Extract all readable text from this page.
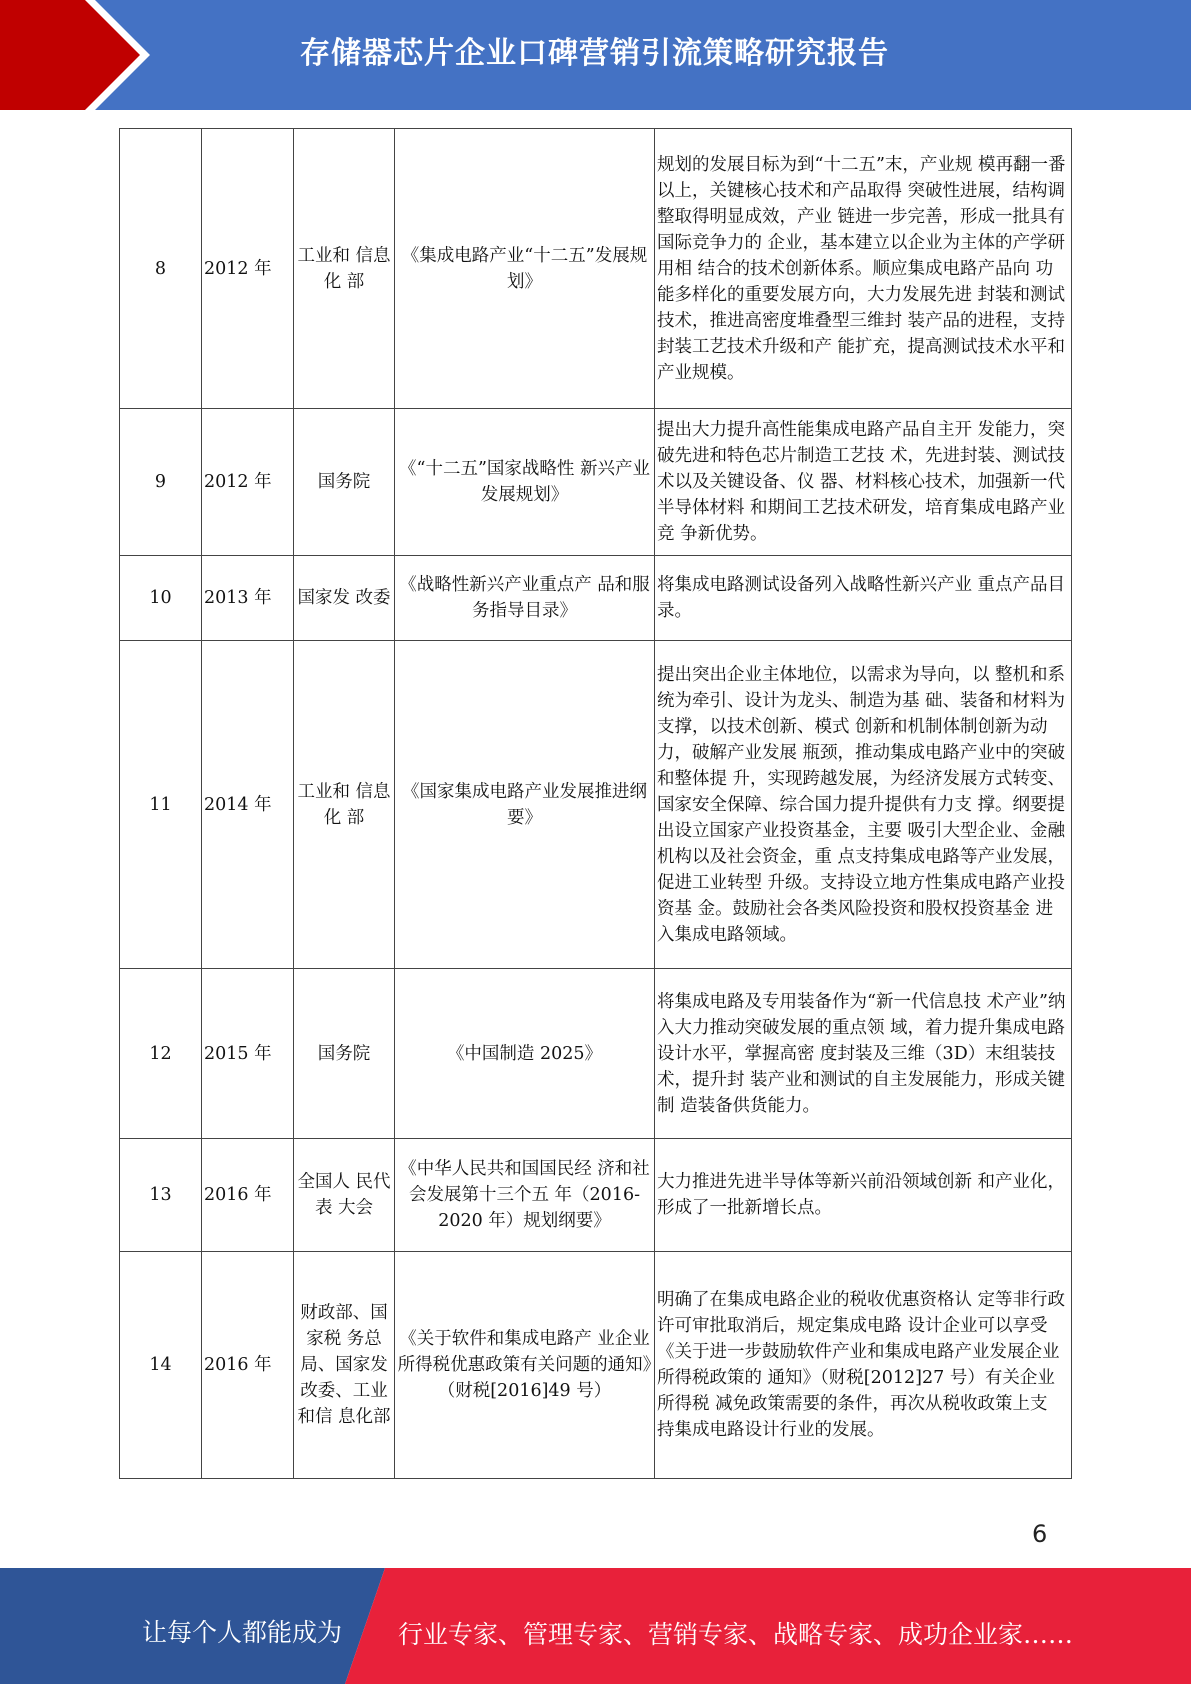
存储器芯片企业口碑营销引流策略研究报告
8	2012 年	工业和 信息化 部	《集成电路产业“十二五”发展规划》	规划的发展目标为到“十二五”末，产业规 模再翻一番以上，关键核心技术和产品取得 突破性进展，结构调整取得明显成效，产业 链进一步完善，形成一批具有国际竞争力的 企业，基本建立以企业为主体的产学研用相 结合的技术创新体系。顺应集成电路产品向 功能多样化的重要发展方向，大力发展先进 封装和测试技术，推进高密度堆叠型三维封 装产品的进程，支持封装工艺技术升级和产 能扩充，提高测试技术水平和产业规模。
9	2012 年	国务院	《“十二五”国家战略性 新兴产业发展规划》	提出大力提升高性能集成电路产品自主开 发能力，突破先进和特色芯片制造工艺技 术，先进封装、测试技术以及关键设备、仪 器、材料核心技术，加强新一代半导体材料 和期间工艺技术研发，培育集成电路产业竞 争新优势。
10	2013 年	国家发 改委	《战略性新兴产业重点产 品和服务指导目录》	将集成电路测试设备列入战略性新兴产业 重点产品目录。
11	2014 年	工业和 信息化 部	《国家集成电路产业发展推进纲要》	提出突出企业主体地位，以需求为导向，以 整机和系统为牵引、设计为龙头、制造为基 础、装备和材料为支撑，以技术创新、模式 创新和机制体制创新为动力，破解产业发展 瓶颈，推动集成电路产业中的突破和整体提 升，实现跨越发展，为经济发展方式转变、 国家安全保障、综合国力提升提供有力支 撑。纲要提出设立国家产业投资基金，主要 吸引大型企业、金融机构以及社会资金，重 点支持集成电路等产业发展，促进工业转型 升级。支持设立地方性集成电路产业投资基 金。鼓励社会各类风险投资和股权投资基金 进入集成电路领域。
12	2015 年	国务院	《中国制造 2025》	将集成电路及专用装备作为“新一代信息技 术产业”纳入大力推动突破发展的重点领 域，着力提升集成电路设计水平，掌握高密 度封装及三维（3D）末组装技术，提升封 装产业和测试的自主发展能力，形成关键制 造装备供货能力。
13	2016 年	全国人 民代表 大会	《中华人民共和国国民经 济和社会发展第十三个五 年（2016-2020 年）规划纲要》	大力推进先进半导体等新兴前沿领域创新 和产业化，形成了一批新增长点。
14	2016 年	财政部、国家税 务总局、国家发 改委、工业和信 息化部	《关于软件和集成电路产 业企业所得税优惠政策有关问题的通知》（财税[2016]49 号）	明确了在集成电路企业的税收优惠资格认 定等非行政许可审批取消后，规定集成电路 设计企业可以享受《关于进一步鼓励软件产业和集成电路产业发展企业所得税政策的 通知》（财税[2012]27 号）有关企业所得税 减免政策需要的条件，再次从税收政策上支 持集成电路设计行业的发展。
6
让每个人都能成为 行业专家、管理专家、营销专家、战略专家、成功企业家……
